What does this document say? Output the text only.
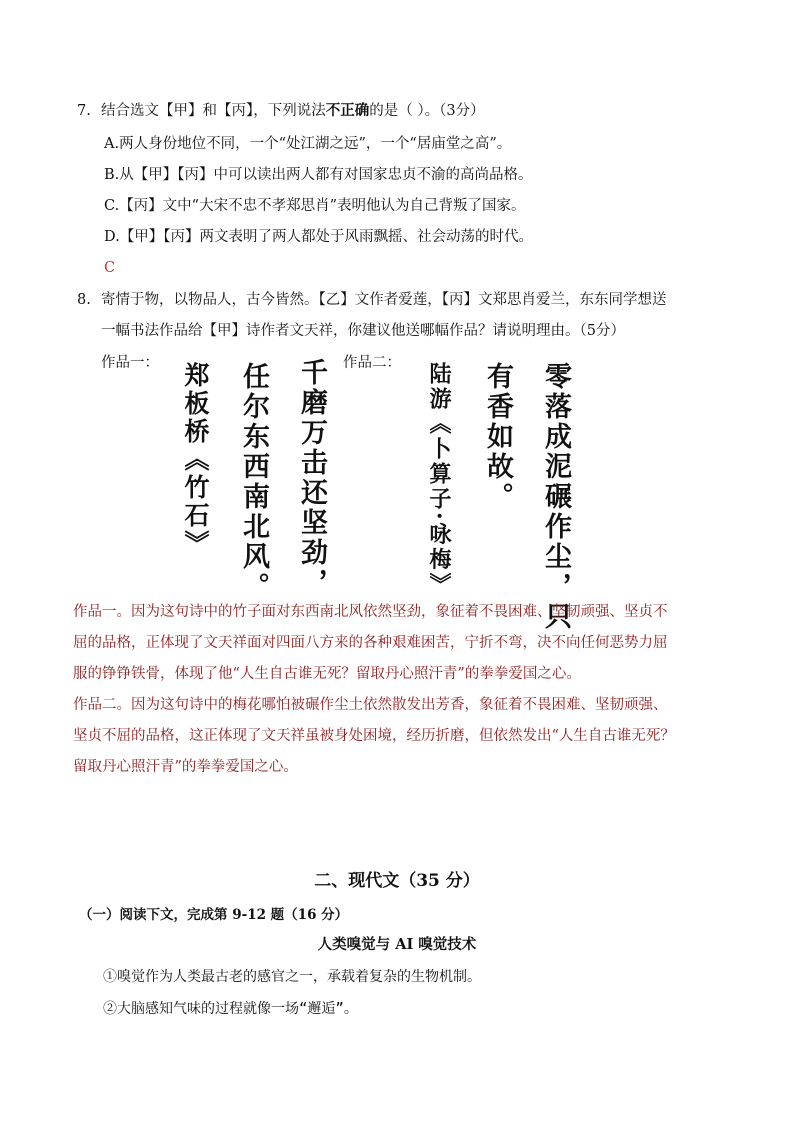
7. 结合选文【甲】和【丙】，下列说法不正确的是（ ）。（3分）
A.两人身份地位不同，一个“处江湖之远”，一个“居庙堂之高”。
B.从【甲】【丙】中可以读出两人都有对国家忠贞不渝的高尚品格。
C.【丙】文中“大宋不忠不孝郑思肖”表明他认为自己背叛了国家。
D.【甲】【丙】两文表明了两人都处于风雨飘摇、社会动荡的时代。
C
8. 寄情于物，以物品人，古今皆然。【乙】文作者爱莲，【丙】文郑思肖爱兰，东东同学想送
一幅书法作品给【甲】诗作者文天祥，你建议他送哪幅作品？请说明理由。（5分）
作品一：	作品二：
千磨万击还坚劲，
任尔东西南北风。
郑板桥《竹石》	零落成泥碾作尘，只
有香如故。
陆游《卜算子·咏梅》
作品一。因为这句诗中的竹子面对东西南北风依然坚劲，象征着不畏困难、坚韧顽强、坚贞不
屈的品格，正体现了文天祥面对四面八方来的各种艰难困苦，宁折不弯，决不向任何恶势力屈
服的铮铮铁骨，体现了他“人生自古谁无死？留取丹心照汗青”的拳拳爱国之心。
作品二。因为这句诗中的梅花哪怕被碾作尘土依然散发出芳香，象征着不畏困难、坚韧顽强、
坚贞不屈的品格，这正体现了文天祥虽被身处困境，经历折磨，但依然发出“人生自古谁无死？
留取丹心照汗青”的拳拳爱国之心。
二、现代文（35 分）
（一）阅读下文，完成第 9-12 题（16 分）
人类嗅觉与 AI 嗅觉技术
①嗅觉作为人类最古老的感官之一，承载着复杂的生物机制。
②大脑感知气味的过程就像一场“邂逅”。
